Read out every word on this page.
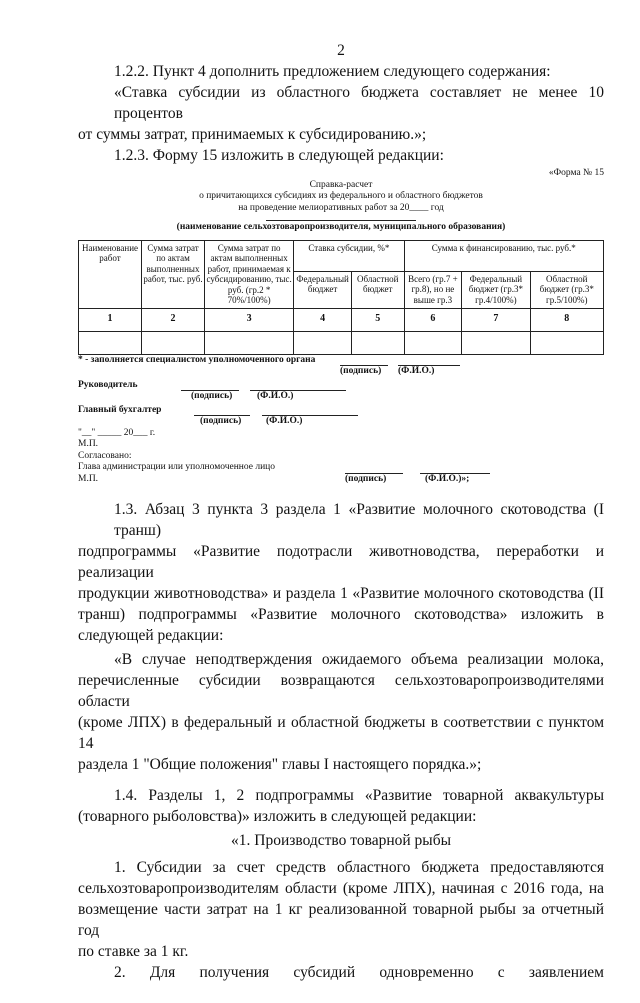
2
1.2.2. Пункт 4 дополнить предложением следующего содержания:
«Ставка субсидии из областного бюджета составляет не менее 10 процентов
от суммы затрат, принимаемых к субсидированию.»;
1.2.3. Форму 15 изложить в следующей редакции:
«Форма № 15
Справка-расчет
о причитающихся субсидиях из федерального и областного бюджетов
на проведение мелиоративных работ за 20____ год
(наименование сельхозтоваропроизводителя, муниципального образования)
Наименование работ	Сумма затрат по актам выполненных работ, тыс. руб.	Сумма затрат по актам выполненных работ, принимаемая к субсидированию, тыс. руб. (гр.2 * 70%/100%)	Ставка субсидии, %*		Сумма к финансированию, тыс. руб.*		
			Федеральный бюджет	Областной бюджет	Всего (гр.7 + гр.8), но не выше гр.3	Федеральный бюджет (гр.3* гр.4/100%)	Областной бюджет (гр.3* гр.5/100%)
1	2	3	4	5	6	7	8

* - заполняется специалистом уполномоченного органа
(подпись)	(Ф.И.О.)
Руководитель
(подпись)	(Ф.И.О.)
Главный бухгалтер
(подпись)	(Ф.И.О.)
"__" _____ 20___ г.
М.П.
Согласовано:
Глава администрации или уполномоченное лицо
М.П.	(подпись)	(Ф.И.О.)»;
1.3. Абзац 3 пункта 3 раздела 1 «Развитие молочного скотоводства (I транш)
подпрограммы «Развитие подотрасли животноводства, переработки и реализации
продукции животноводства» и раздела 1 «Развитие молочного скотоводства (II
транш) подпрограммы «Развитие молочного скотоводства» изложить в
следующей редакции:
«В случае неподтверждения ожидаемого объема реализации молока,
перечисленные субсидии возвращаются сельхозтоваропроизводителями области
(кроме ЛПХ) в федеральный и областной бюджеты в соответствии с пунктом 14
раздела 1 "Общие положения" главы I настоящего порядка.»;
1.4. Разделы 1, 2 подпрограммы «Развитие товарной аквакультуры
(товарного рыболовства)» изложить в следующей редакции:
«1. Производство товарной рыбы
1. Субсидии за счет средств областного бюджета предоставляются
сельхозтоваропроизводителям области (кроме ЛПХ), начиная с 2016 года, на
возмещение части затрат на 1 кг реализованной товарной рыбы за отчетный год
по ставке за 1 кг.
2. Для получения субсидий одновременно с заявлением
